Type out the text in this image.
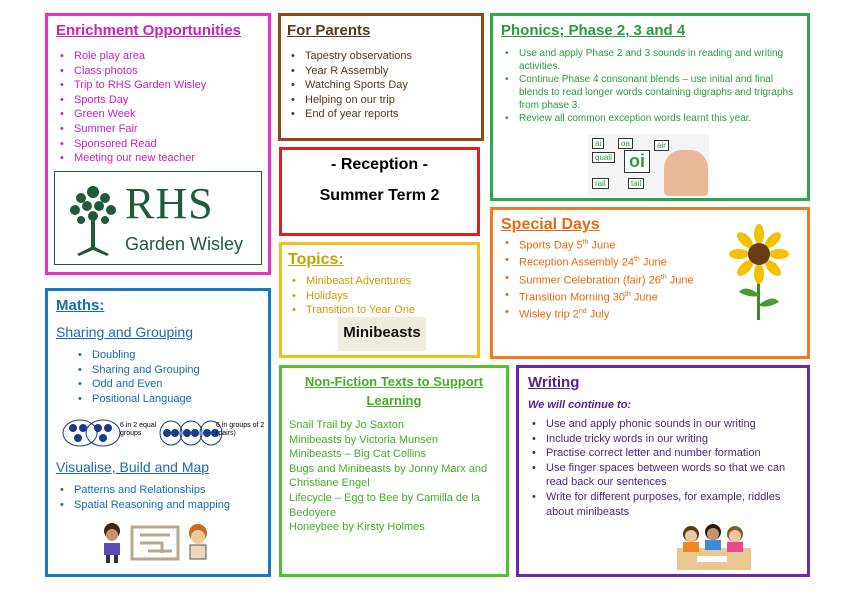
Enrichment Opportunities

• Role play area
• Class photos
• Trip to RHS Garden Wisley
• Sports Day
• Green Week
• Summer Fair
• Sponsored Read
• Meeting our new teacher
RHS
Garden Wisley

For Parents

• Tapestry observations
• Year R Assembly
• Watching Sports Day
• Helping on our trip
• End of year reports

Phonics; Phase 2, 3 and 4

• Use and apply Phase 2 and 3 sounds in reading and writing activities.
• Continue Phase 4 consonant blends – use initial and final blends to read longer words containing digraphs and trigraphs from phase 3.
• Review all common exception words learnt this year.
ai	oa
quail oi
rail	tail
air
- Reception -
Summer Term 2

Topics:

• Minibeast Adventures
• Holidays
• Transition to Year One
Minibeasts

Special Days

• Sports Day 5th June
• Reception Assembly 24th June
• Summer Celebration (fair) 26th June
• Transition Morning 30th June
• Wisley trip 2nd July

Maths:

Sharing and Grouping

• Doubling
• Sharing and Grouping
• Odd and Even
• Positional Language
6 in 2 equal groups
6 in groups of 2 (pairs)

Visualise, Build and Map

• Patterns and Relationships
• Spatial Reasoning and mapping
Non-Fiction Texts to Support
Learning
Snail Trail by Jo Saxton
Minibeasts by Victoria Munsen
Minibeasts – Big Cat Collins
Bugs and Minibeasts by Jonny Marx and Christiane Engel
Lifecycle – Egg to Bee by Camilla de la Bedoyere
Honeybee by Kirsty Holmes

Writing

We will continue to:
• Use and apply phonic sounds in our writing
• Include tricky words in our writing
• Practise correct letter and number formation
• Use finger spaces between words so that we can read back our sentences
• Write for different purposes, for example, riddles about minibeasts
